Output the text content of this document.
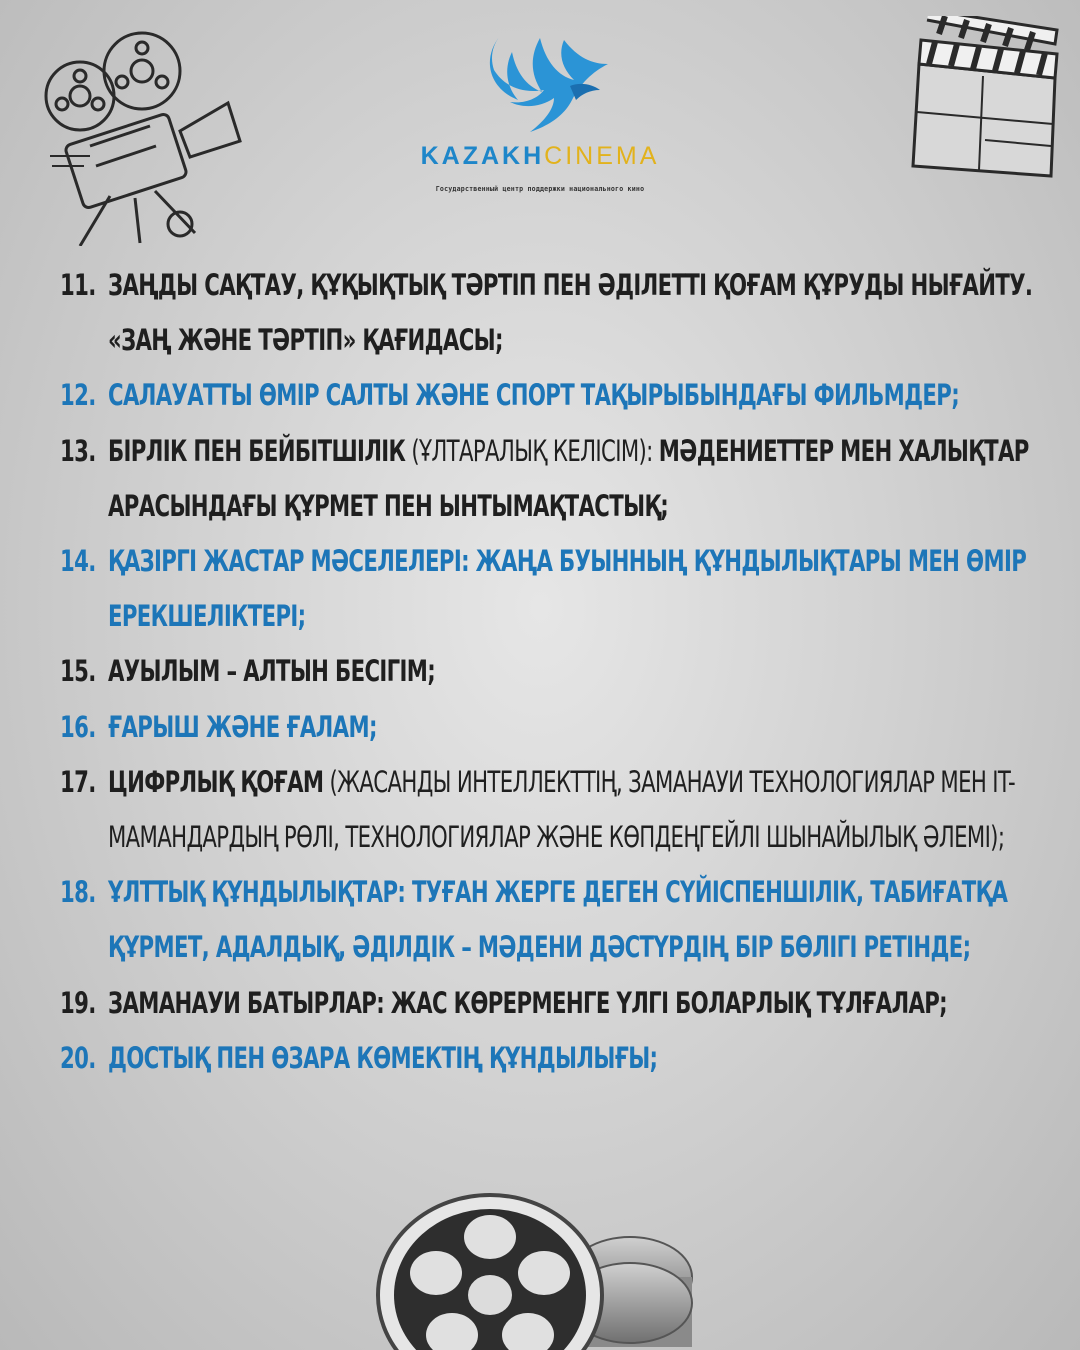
KAZAKHCINEMA
Государственный центр поддержки национального кино
11. ЗАҢДЫ САҚТАУ, ҚҰҚЫҚТЫҚ ТӘРТІП ПЕН ӘДІЛЕТТІ ҚОҒАМ ҚҰРУДЫ НЫҒАЙТУ. «ЗАҢ ЖӘНЕ ТӘРТІП» ҚАҒИДАСЫ;
12. САЛАУАТТЫ ӨМІР САЛТЫ ЖӘНЕ СПОРТ ТАҚЫРЫБЫНДАҒЫ ФИЛЬМДЕР;
13. БІРЛІК ПЕН БЕЙБІТШІЛІК (ҰЛТАРАЛЫҚ КЕЛІСІМ): МӘДЕНИЕТТЕР МЕН ХАЛЫҚТАР АРАСЫНДАҒЫ ҚҰРМЕТ ПЕН ЫНТЫМАҚТАСТЫҚ;
14. ҚАЗІРГІ ЖАСТАР МӘСЕЛЕЛЕРІ: ЖАҢА БУЫННЫҢ ҚҰНДЫЛЫҚТАРЫ МЕН ӨМІР ЕРЕКШЕЛІКТЕРІ;
15. АУЫЛЫМ – АЛТЫН БЕСІГІМ;
16. ҒАРЫШ ЖӘНЕ ҒАЛАМ;
17. ЦИФРЛЫҚ ҚОҒАМ (ЖАСАНДЫ ИНТЕЛЛЕКТТІҢ, ЗАМАНАУИ ТЕХНОЛОГИЯЛАР МЕН IT-МАМАНДАРДЫҢ РӨЛІ, ТЕХНОЛОГИЯЛАР ЖӘНЕ КӨПДЕҢГЕЙЛІ ШЫНАЙЫЛЫҚ ӘЛЕМІ);
18. ҰЛТТЫҚ ҚҰНДЫЛЫҚТАР: ТУҒАН ЖЕРГЕ ДЕГЕН СҮЙІСПЕНШІЛІК, ТАБИҒАТҚА ҚҰРМЕТ, АДАЛДЫҚ, ӘДІЛДІК – МӘДЕНИ ДӘСТҮРДІҢ БІР БӨЛІГІ РЕТІНДЕ;
19. ЗАМАНАУИ БАТЫРЛАР: ЖАС КӨРЕРМЕНГЕ ҮЛГІ БОЛАРЛЫҚ ТҰЛҒАЛАР;
20. ДОСТЫҚ ПЕН ӨЗАРА КӨМЕКТІҢ ҚҰНДЫЛЫҒЫ;
